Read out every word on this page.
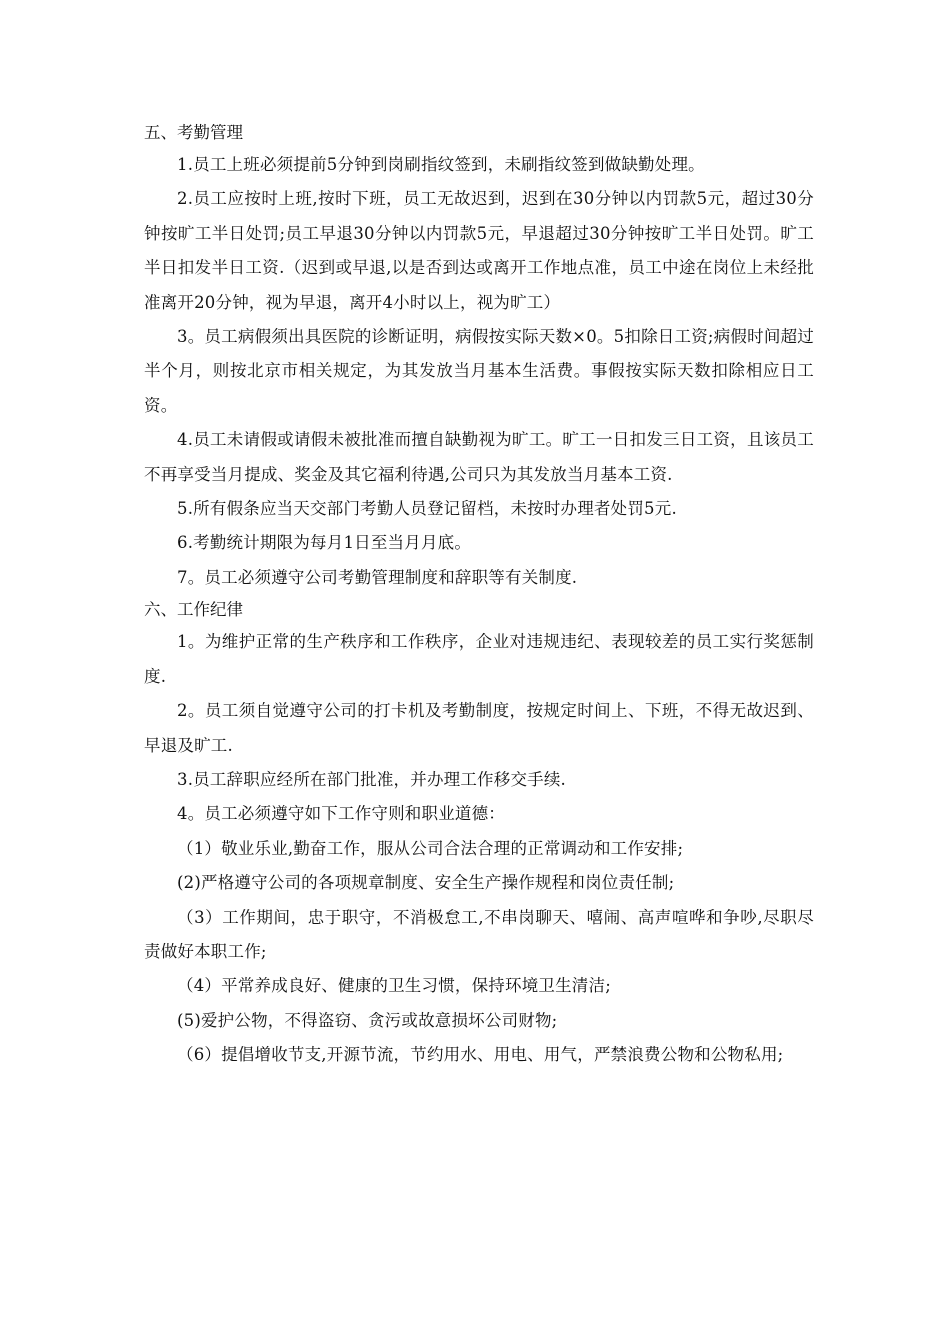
五、考勤管理

1.员工上班必须提前5分钟到岗刷指纹签到，未刷指纹签到做缺勤处理。

2.员工应按时上班,按时下班，员工无故迟到，迟到在30分钟以内罚款5元，超过30分钟按旷工半日处罚;员工早退30分钟以内罚款5元，早退超过30分钟按旷工半日处罚。旷工半日扣发半日工资.（迟到或早退,以是否到达或离开工作地点准，员工中途在岗位上未经批准离开20分钟，视为早退，离开4小时以上，视为旷工）

3。员工病假须出具医院的诊断证明，病假按实际天数×0。5扣除日工资;病假时间超过半个月，则按北京市相关规定，为其发放当月基本生活费。事假按实际天数扣除相应日工资。

4.员工未请假或请假未被批准而擅自缺勤视为旷工。旷工一日扣发三日工资，且该员工不再享受当月提成、奖金及其它福利待遇,公司只为其发放当月基本工资.

5.所有假条应当天交部门考勤人员登记留档，未按时办理者处罚5元.

6.考勤统计期限为每月1日至当月月底。

7。员工必须遵守公司考勤管理制度和辞职等有关制度.

六、工作纪律

1。为维护正常的生产秩序和工作秩序，企业对违规违纪、表现较差的员工实行奖惩制度.

2。员工须自觉遵守公司的打卡机及考勤制度，按规定时间上、下班，不得无故迟到、早退及旷工.

3.员工辞职应经所在部门批准，并办理工作移交手续.

4。员工必须遵守如下工作守则和职业道德：

（1）敬业乐业,勤奋工作，服从公司合法合理的正常调动和工作安排;

(2)严格遵守公司的各项规章制度、安全生产操作规程和岗位责任制;

（3）工作期间，忠于职守，不消极怠工,不串岗聊天、嘻闹、高声喧哗和争吵,尽职尽责做好本职工作;

（4）平常养成良好、健康的卫生习惯，保持环境卫生清洁;

(5)爱护公物，不得盗窃、贪污或故意损坏公司财物;

（6）提倡增收节支,开源节流，节约用水、用电、用气，严禁浪费公物和公物私用;
